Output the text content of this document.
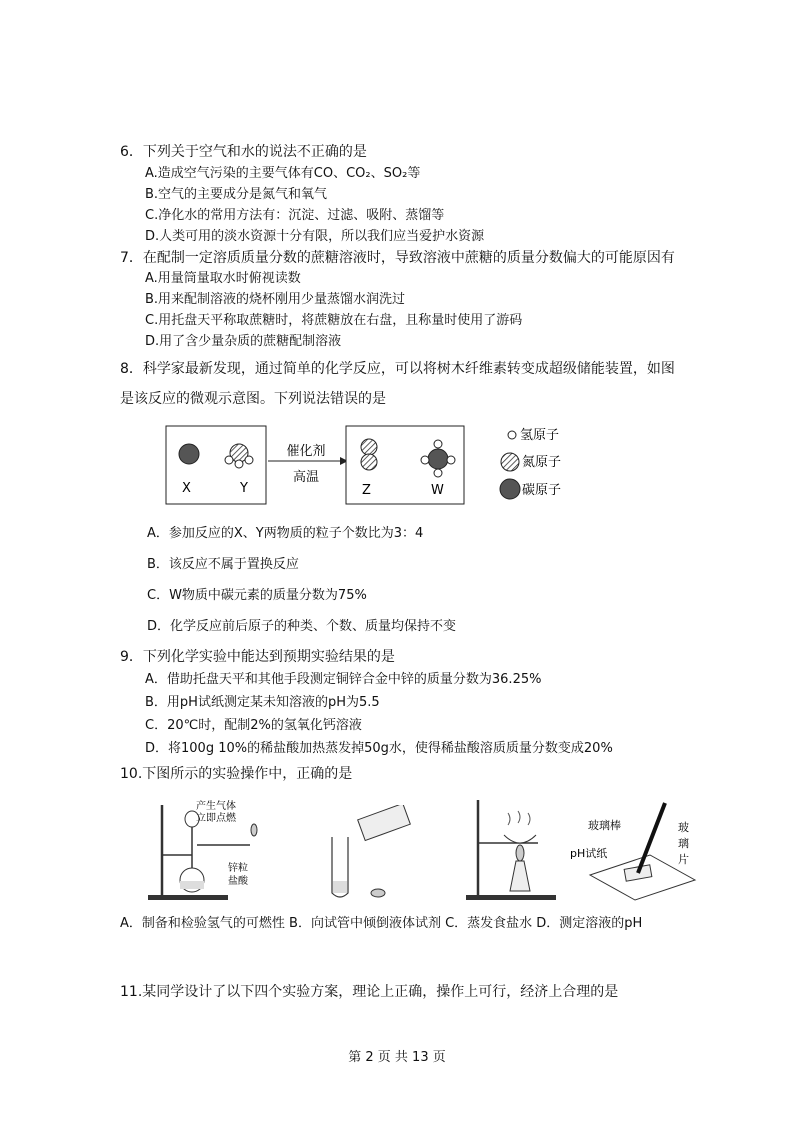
6．下列关于空气和水的说法不正确的是
A.造成空气污染的主要气体有CO、CO₂、SO₂等
B.空气的主要成分是氮气和氧气
C.净化水的常用方法有：沉淀、过滤、吸附、蒸馏等
D.人类可用的淡水资源十分有限，所以我们应当爱护水资源
7．在配制一定溶质质量分数的蔗糖溶液时，导致溶液中蔗糖的质量分数偏大的可能原因有
A.用量筒量取水时俯视读数
B.用来配制溶液的烧杯刚用少量蒸馏水润洗过
C.用托盘天平称取蔗糖时，将蔗糖放在右盘，且称量时使用了游码
D.用了含少量杂质的蔗糖配制溶液
8．科学家最新发现，通过简单的化学反应，可以将树木纤维素转变成超级储能装置，如图
是该反应的微观示意图。下列说法错误的是
X	Y
催化剂
高温
Z	W
氢原子
氮原子
碳原子
A．参加反应的X、Y两物质的粒子个数比为3：4
B．该反应不属于置换反应
C．W物质中碳元素的质量分数为75%
D．化学反应前后原子的种类、个数、质量均保持不变
9．下列化学实验中能达到预期实验结果的是
A．借助托盘天平和其他手段测定铜锌合金中锌的质量分数为36.25%
B．用pH试纸测定某未知溶液的pH为5.5
C．20℃时，配制2%的氢氧化钙溶液
D．将100g 10%的稀盐酸加热蒸发掉50g水，使得稀盐酸溶质质量分数变成20%
10.下图所示的实验操作中，正确的是
产生气体
立即点燃
锌粒
盐酸
玻璃棒
pH试纸
玻
璃
片
A．制备和检验氢气的可燃性 B．向试管中倾倒液体试剂 C．蒸发食盐水 D．测定溶液的pH
11.某同学设计了以下四个实验方案，理论上正确，操作上可行，经济上合理的是
第 2 页 共 13 页
